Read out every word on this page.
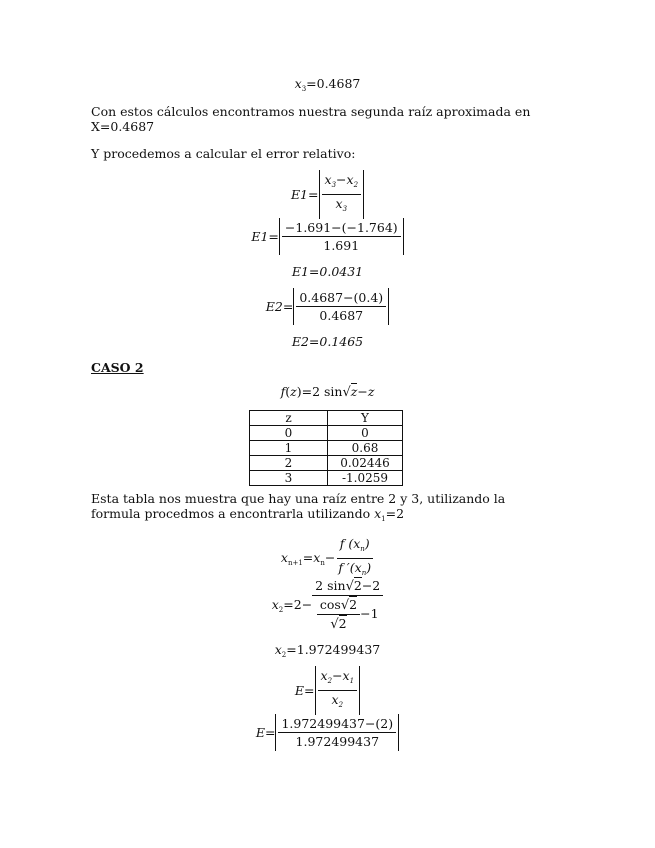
$x_3=0.4687$
Con estos cálculos encontramos nuestra segunda raíz aproximada en X=0.4687
Y procedemos a calcular el error relativo:
$E1= \frac{x_3-x_2}{x_3}$
$E1= \frac{-1.691-(-1.764)}{1.691}$
E1=0.0431
$E2= \frac{0.4687-(0.4)}{0.4687}$
E2=0.1465
CASO 2
f(z)=2 sin√z−z
z	Y
0	0
1	0.68
2	0.02446
3	-1.0259
Esta tabla nos muestra que hay una raíz entre 2 y 3, utilizando la
formula procedmos a encontrarla utilizando $x_1=2$
$x_{n+1}=x_n- \frac{f (x_n)}{f '(x_n)}$
$x_2=2- \frac{2 \sin√2-2}{\frac{\cos√2}{√2} -1}$
$x_2=1.972499437$
$E= \frac{x_2-x_1}{x_2}$
$E= \frac{1.972499437-(2)}{1.972499437}$
